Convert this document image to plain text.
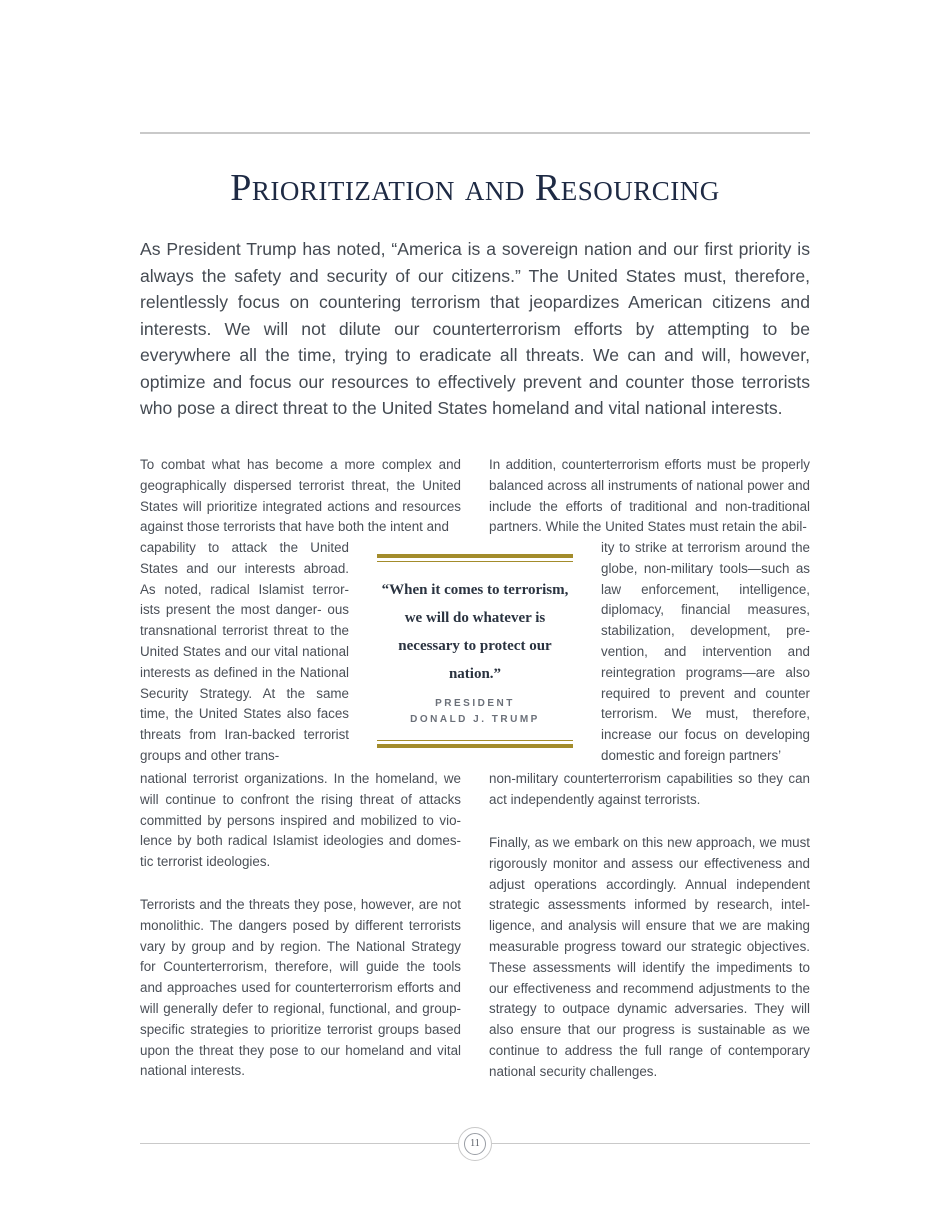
Prioritization and Resourcing

As President Trump has noted, “America is a sovereign nation and our first priority is always the safety and security of our citizens.” The United States must, therefore, relentlessly focus on countering terrorism that jeopardizes American citizens and interests. We will not dilute our counterterrorism efforts by attempting to be everywhere all the time, trying to eradicate all threats. We can and will, however, optimize and focus our resources to effectively prevent and counter those terrorists who pose a direct threat to the United States homeland and vital national interests.

To combat what has become a more complex and geographically dispersed terrorist threat, the United States will prioritize integrated actions and resources against those terrorists that have both the intent and

capability to attack the United States and our interests abroad. As noted, radical Islamist terror- ists present the most danger- ous transnational terrorist threat to the United States and our vital national interests as defined in the National Security Strategy. At the same time, the United States also faces threats from Iran-backed terrorist groups and other trans-

national terrorist organizations. In the homeland, we will continue to confront the rising threat of attacks committed by persons inspired and mobilized to vio- lence by both radical Islamist ideologies and domes- tic terrorist ideologies.

Terrorists and the threats they pose, however, are not monolithic. The dangers posed by different terrorists vary by group and by region. The National Strategy for Counterterrorism, therefore, will guide the tools and approaches used for counterterrorism efforts and will generally defer to regional, functional, and group-specific strategies to prioritize terrorist groups based upon the threat they pose to our homeland and vital national interests.

“When it comes to terrorism, we will do whatever is necessary to protect our nation.”

PRESIDENT
DONALD J. TRUMP

In addition, counterterrorism efforts must be properly balanced across all instruments of national power and include the efforts of traditional and non-traditional partners. While the United States must retain the abil-

ity to strike at terrorism around the globe, non-military tools—such as law enforcement, intelligence, diplomacy, financial measures, stabilization, development, pre- vention, and intervention and reintegration programs—are also required to prevent and counter terrorism. We must, therefore, increase our focus on developing domestic and foreign partners’

non-military counterterrorism capabilities so they can act independently against terrorists.

Finally, as we embark on this new approach, we must rigorously monitor and assess our effectiveness and adjust operations accordingly. Annual independent strategic assessments informed by research, intel- ligence, and analysis will ensure that we are making measurable progress toward our strategic objectives. These assessments will identify the impediments to our effectiveness and recommend adjustments to the strategy to outpace dynamic adversaries. They will also ensure that our progress is sustainable as we continue to address the full range of contemporary national security challenges.

11
